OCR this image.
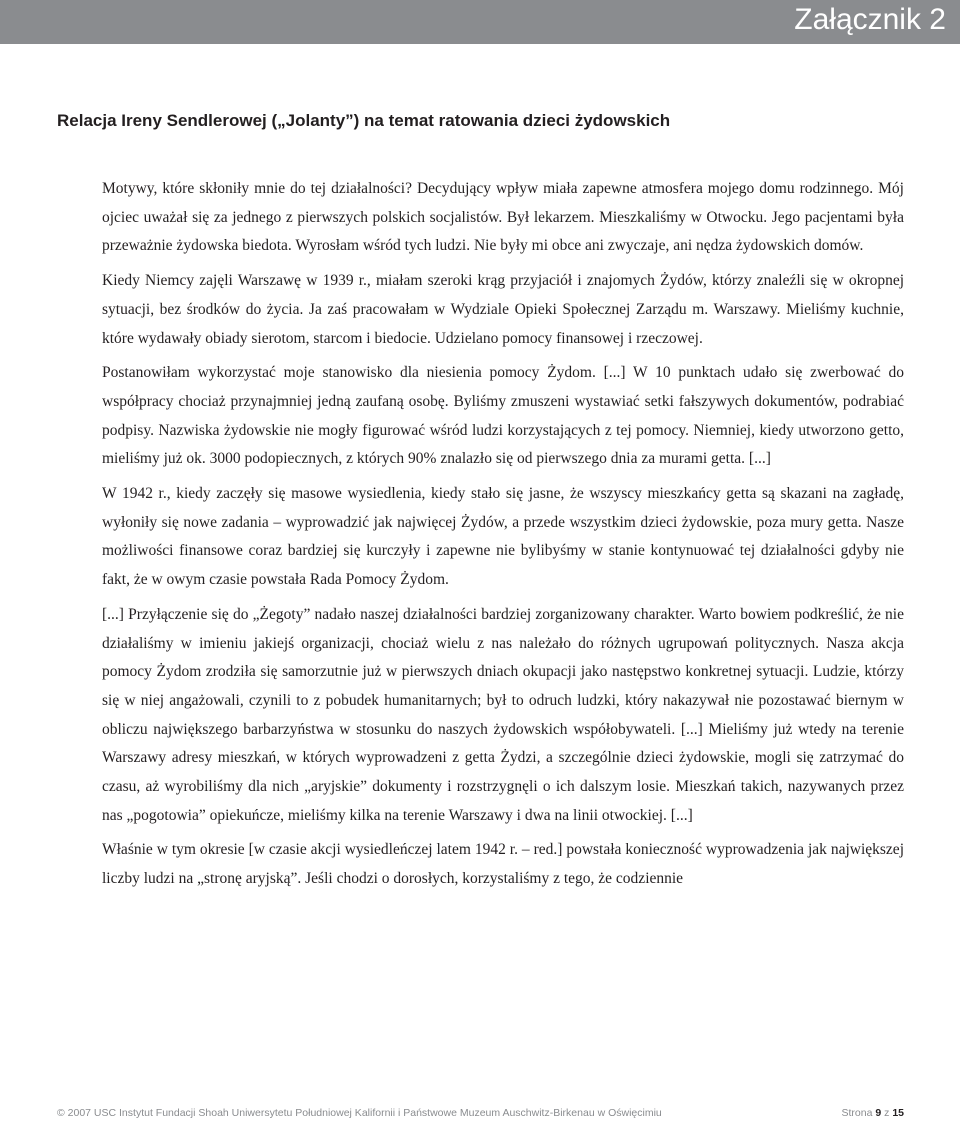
Załącznik 2
Relacja Ireny Sendlerowej („Jolanty”) na temat ratowania dzieci żydowskich

Motywy, które skłoniły mnie do tej działalności? Decydujący wpływ miała zapewne atmosfera mojego domu rodzinnego. Mój ojciec uważał się za jednego z pierwszych polskich socjalistów. Był lekarzem. Mieszkaliśmy w Otwocku. Jego pacjentami była przeważnie żydowska biedota. Wyrosłam wśród tych ludzi. Nie były mi obce ani zwyczaje, ani nędza żydowskich domów.

Kiedy Niemcy zajęli Warszawę w 1939 r., miałam szeroki krąg przyjaciół i znajomych Żydów, którzy znaleźli się w okropnej sytuacji, bez środków do życia. Ja zaś pracowałam w Wydziale Opieki Społecznej Zarządu m. Warszawy. Mieliśmy kuchnie, które wydawały obiady sierotom, starcom i biedocie. Udzielano pomocy finansowej i rzeczowej.

Postanowiłam wykorzystać moje stanowisko dla niesienia pomocy Żydom. [...] W 10 punktach udało się zwerbować do współpracy chociaż przynajmniej jedną zaufaną osobę. Byliśmy zmuszeni wystawiać setki fałszywych dokumentów, podrabiać podpisy. Nazwiska żydowskie nie mogły figurować wśród ludzi korzystających z tej pomocy. Niemniej, kiedy utworzono getto, mieliśmy już ok. 3000 podopiecznych, z których 90% znalazło się od pierwszego dnia za murami getta. [...]

W 1942 r., kiedy zaczęły się masowe wysiedlenia, kiedy stało się jasne, że wszyscy mieszkańcy getta są skazani na zagładę, wyłoniły się nowe zadania – wyprowadzić jak najwięcej Żydów, a przede wszystkim dzieci żydowskie, poza mury getta. Nasze możliwości finansowe coraz bardziej się kurczyły i zapewne nie bylibyśmy w stanie kontynuować tej działalności gdyby nie fakt, że w owym czasie powstała Rada Pomocy Żydom.

[...] Przyłączenie się do „Żegoty” nadało naszej działalności bardziej zorganizowany charakter. Warto bowiem podkreślić, że nie działaliśmy w imieniu jakiejś organizacji, chociaż wielu z nas należało do różnych ugrupowań politycznych. Nasza akcja pomocy Żydom zrodziła się samorzutnie już w pierwszych dniach okupacji jako następstwo konkretnej sytuacji. Ludzie, którzy się w niej angażowali, czynili to z pobudek humanitarnych; był to odruch ludzki, który nakazywał nie pozostawać biernym w obliczu największego barbarzyństwa w stosunku do naszych żydowskich współobywateli. [...] Mieliśmy już wtedy na terenie Warszawy adresy mieszkań, w których wyprowadzeni z getta Żydzi, a szczególnie dzieci żydowskie, mogli się zatrzymać do czasu, aż wyrobiliśmy dla nich „aryjskie” dokumenty i rozstrzygnęli o ich dalszym losie. Mieszkań takich, nazywanych przez nas „pogotowia” opiekuńcze, mieliśmy kilka na terenie Warszawy i dwa na linii otwockiej. [...]

Właśnie w tym okresie [w czasie akcji wysiedleńczej latem 1942 r. – red.] powstała konieczność wyprowadzenia jak największej liczby ludzi na „stronę aryjską”. Jeśli chodzi o dorosłych, korzystaliśmy z tego, że codziennie

© 2007 USC Instytut Fundacji Shoah Uniwersytetu Południowej Kalifornii i Państwowe Muzeum Auschwitz-Birkenau w Oświęcimiu	Strona 9 z 15
